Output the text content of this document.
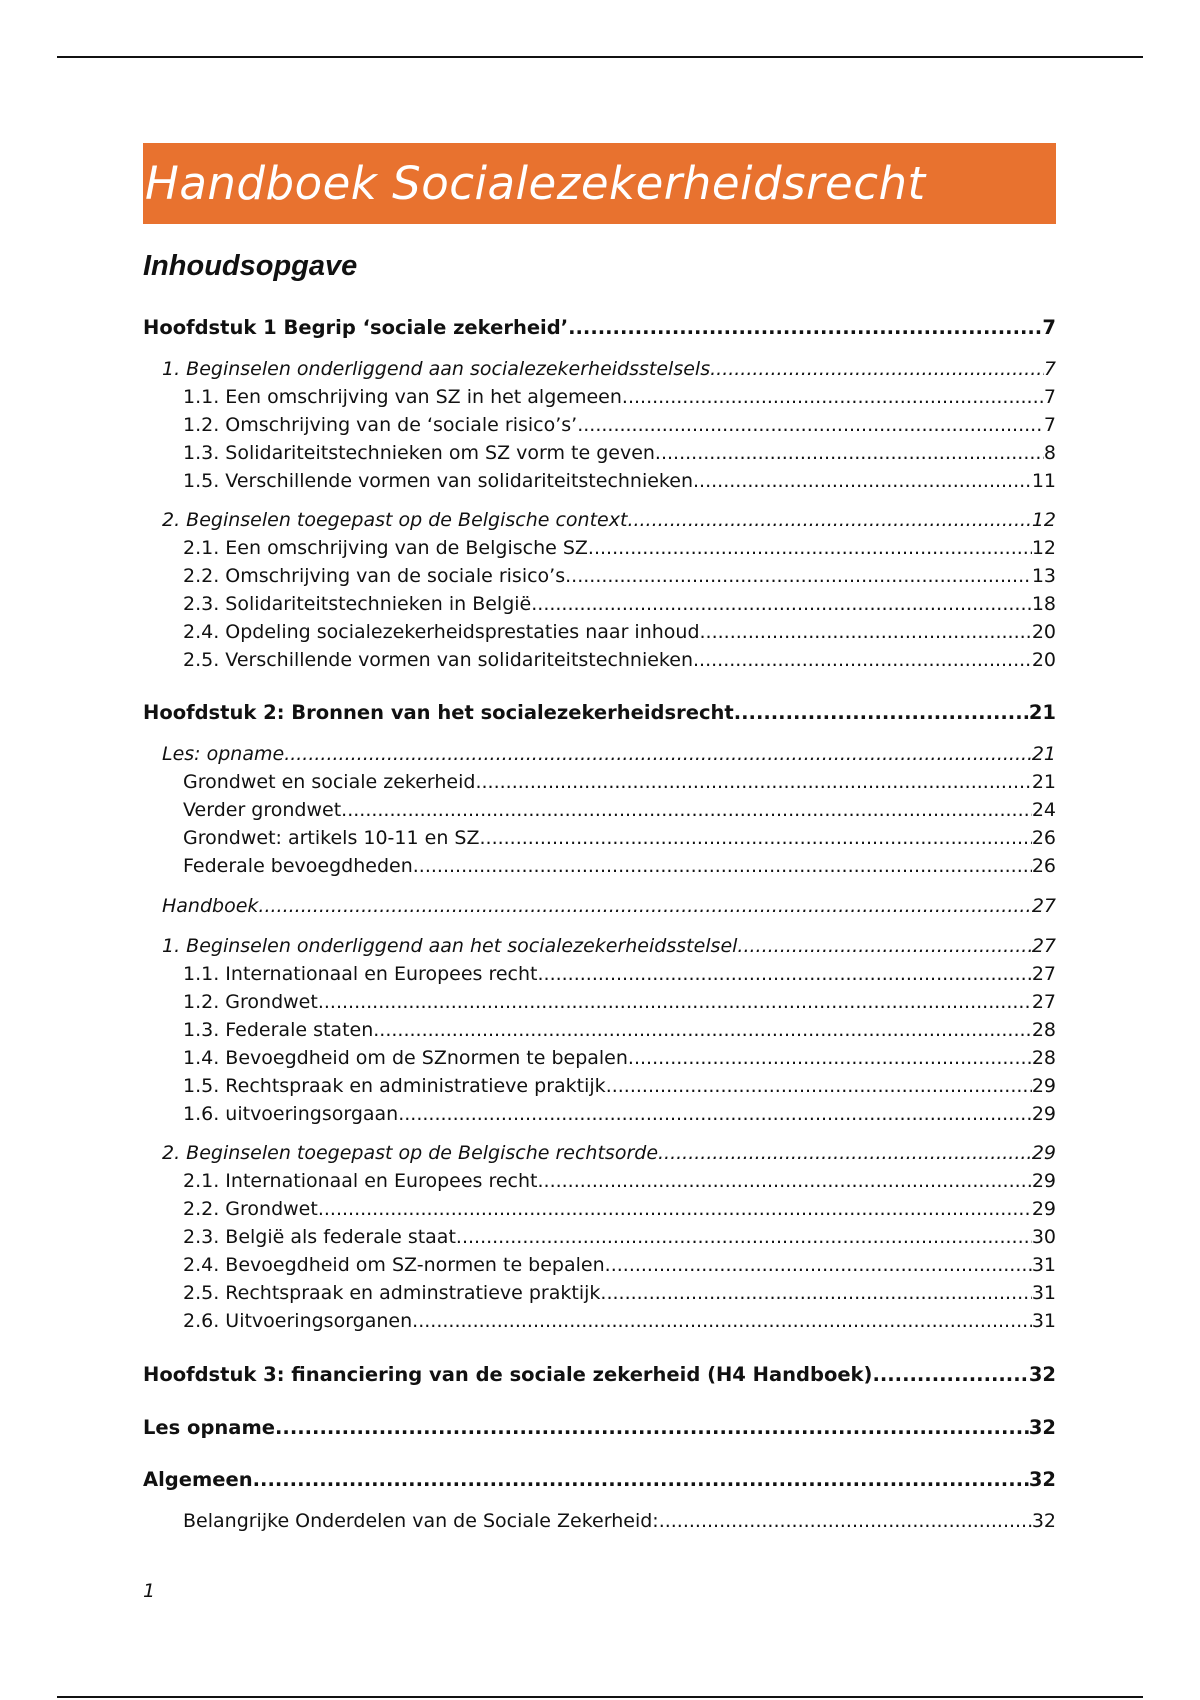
Handboek Socialezekerheidsrecht
Inhoudsopgave
Hoofdstuk 1 Begrip ‘sociale zekerheid’ .....	7
1. Beginselen onderliggend aan socialezekerheidsstelsels .....	7
1.1. Een omschrijving van SZ in het algemeen .....	7
1.2. Omschrijving van de ‘sociale risico’s’ .....	7
1.3. Solidariteitstechnieken om SZ vorm te geven .....	8
1.5. Verschillende vormen van solidariteitstechnieken .....	11
2. Beginselen toegepast op de Belgische context .....	12
2.1. Een omschrijving van de Belgische SZ .....	12
2.2. Omschrijving van de sociale risico’s .....	13
2.3. Solidariteitstechnieken in België .....	18
2.4. Opdeling socialezekerheidsprestaties naar inhoud .....	20
2.5. Verschillende vormen van solidariteitstechnieken .....	20
Hoofdstuk 2: Bronnen van het socialezekerheidsrecht .....	21
Les: opname .....	21
Grondwet en sociale zekerheid .....	21
Verder grondwet .....	24
Grondwet: artikels 10-11 en SZ .....	26
Federale bevoegdheden .....	26
Handboek .....	27
1. Beginselen onderliggend aan het socialezekerheidsstelsel .....	27
1.1. Internationaal en Europees recht .....	27
1.2. Grondwet .....	27
1.3. Federale staten .....	28
1.4. Bevoegdheid om de SZnormen te bepalen .....	28
1.5. Rechtspraak en administratieve praktijk .....	29
1.6. uitvoeringsorgaan .....	29
2. Beginselen toegepast op de Belgische rechtsorde .....	29
2.1. Internationaal en Europees recht .....	29
2.2. Grondwet .....	29
2.3. België als federale staat .....	30
2.4. Bevoegdheid om SZ-normen te bepalen .....	31
2.5. Rechtspraak en adminstratieve praktijk .....	31
2.6. Uitvoeringsorganen .....	31
Hoofdstuk 3: financiering van de sociale zekerheid (H4 Handboek) .....	32
Les opname .....	32
Algemeen .....	32
Belangrijke Onderdelen van de Sociale Zekerheid: .....	32

1
